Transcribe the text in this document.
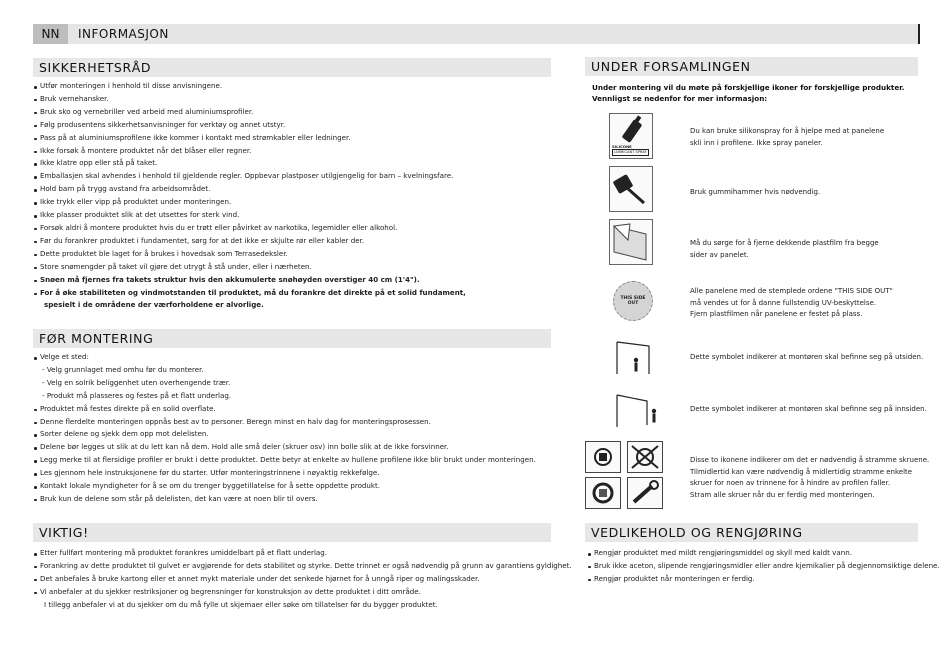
NN	INFORMASJON
SIKKERHETSRÅD
Utfør monteringen i henhold til disse anvisningene.
Bruk vernehansker.
Bruk sko og vernebriller ved arbeid med aluminiumsprofiler.
Følg produsentens sikkerhetsanvisninger for verktøy og annet utstyr.
Pass på at aluminiumsprofilene ikke kommer i kontakt med strømkabler eller ledninger.
Ikke forsøk å montere produktet når det blåser eller regner.
Ikke klatre opp eller stå på taket.
Emballasjen skal avhendes i henhold til gjeldende regler. Oppbevar plastposer utilgjengelig for barn – kvelningsfare.
Hold barn på trygg avstand fra arbeidsområdet.
Ikke trykk eller vipp på produktet under monteringen.
Ikke plasser produktet slik at det utsettes for sterk vind.
Forsøk aldri å montere produktet hvis du er trøtt eller påvirket av narkotika, legemidler eller alkohol.
Før du forankrer produktet i fundamentet, sørg for at det ikke er skjulte rør eller kabler der.
Dette produktet ble laget for å brukes i hovedsak som Terrasedeksler.
Store snømengder på taket vil gjøre det utrygt å stå under, eller i nærheten.
Snøen må fjernes fra takets struktur hvis den akkumulerte snøhøyden overstiger 40 cm (1'4").
For å øke stabiliteten og vindmotstanden til produktet, må du forankre det direkte på et solid fundament,
spesielt i de områdene der værforholdene er alvorlige.
FØR MONTERING
Velge et sted:
- Velg grunnlaget med omhu før du monterer.
- Velg en solrik beliggenhet uten overhengende trær.
- Produkt må plasseres og festes på et flatt underlag.
Produktet må festes direkte på en solid overflate.
Denne flerdelte monteringen oppnås best av to personer. Beregn minst en halv dag for monteringsprosessen.
Sorter delene og sjekk dem opp mot delelisten.
Delene bør legges ut slik at du lett kan nå dem. Hold alle små deler (skruer osv) inn bolle slik at de ikke forsvinner.
Legg merke til at flersidige profiler er brukt i dette produktet. Dette betyr at enkelte av hullene profilene ikke blir brukt under monteringen.
Les gjennom hele instruksjonene før du starter. Utfør monteringstrinnene i nøyaktig rekkefølge.
Kontakt lokale myndigheter for å se om du trenger byggetillatelse for å sette oppdette produkt.
Bruk kun de delene som står på delelisten, det kan være at noen blir til overs.
VIKTIG!
Etter fullført montering må produktet forankres umiddelbart på et flatt underlag.
Forankring av dette produktet til gulvet er avgjørende for dets stabilitet og styrke. Dette trinnet er også nødvendig på grunn av garantiens gyldighet.
Det anbefales å bruke kartong eller et annet mykt materiale under det senkede hjørnet for å unngå riper og malingsskader.
Vi anbefaler at du sjekker restriksjoner og begrensninger for konstruksjon av dette produktet i ditt område.
I tillegg anbefaler vi at du sjekker om du må fylle ut skjemaer eller søke om tillatelser før du bygger produktet.
UNDER FORSAMLINGEN
Under montering vil du møte på forskjellige ikoner for forskjellige produkter.
Vennligst se nedenfor for mer informasjon:
SILICONE
LUBRICANT SPRAY
Du kan bruke silikonspray for å hjelpe med at panelene
skli inn i profilene. Ikke spray paneler.
Bruk gummihammer hvis nødvendig.
Må du sørge for å fjerne dekkende plastfilm fra begge
sider av panelet.
THIS SIDE
OUT
Alle panelene med de stemplede ordene "THIS SIDE OUT"
må vendes ut for å danne fullstendig UV-beskyttelse.
Fjern plastfilmen når panelene er festet på plass.
Dette symbolet indikerer at montøren skal befinne seg på utsiden.
Dette symbolet indikerer at montøren skal befinne seg på innsiden.
Disse to ikonene indikerer om det er nødvendig å stramme skruene.
Tilmidlertid kan være nødvendig å midlertidig stramme enkelte
skruer for noen av trinnene for å hindre av profilen faller.
Stram alle skruer når du er ferdig med monteringen.
VEDLIKEHOLD OG RENGJØRING
Rengjør produktet med mildt rengjøringsmiddel og skyll med kaldt vann.
Bruk ikke aceton, slipende rengjøringsmidler eller andre kjemikalier på degjennomsiktige delene.
Rengjør produktet når monteringen er ferdig.
